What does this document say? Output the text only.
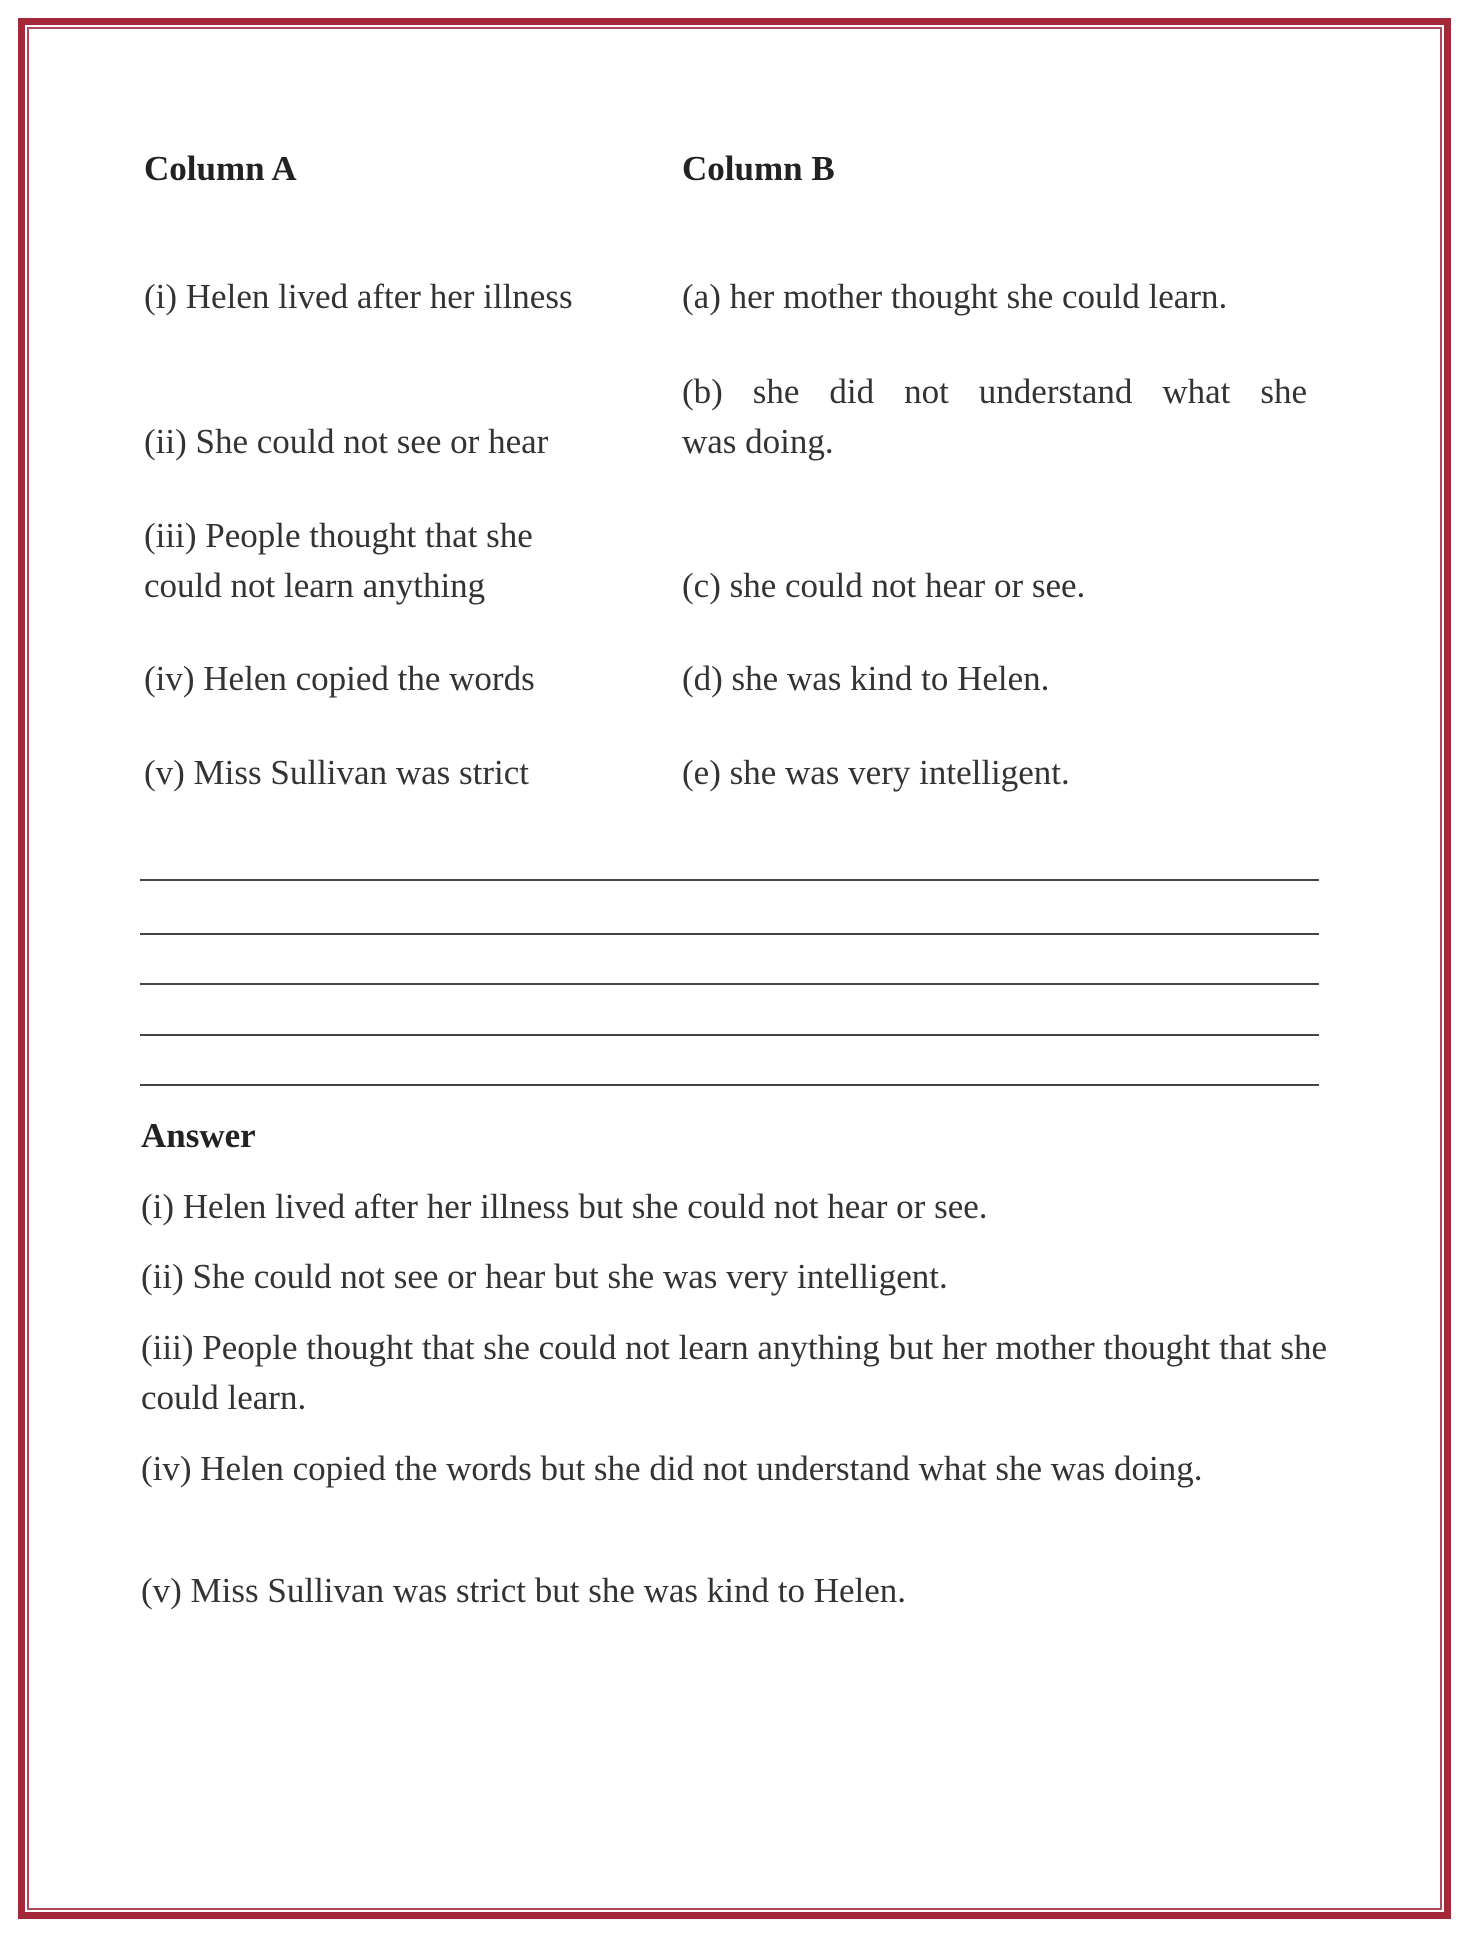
Column A	Column B
(i) Helen lived after her illness
(ii) She could not see or hear
(iii) People thought that she
could not learn anything
(iv) Helen copied the words
(v) Miss Sullivan was strict
(a) her mother thought she could learn.
(b) she did not understand what she
was doing.
(c) she could not hear or see.
(d) she was kind to Helen.
(e) she was very intelligent.
Answer
(i) Helen lived after her illness but she could not hear or see.
(ii) She could not see or hear but she was very intelligent.
(iii) People thought that she could not learn anything but her mother thought that she could learn.
(iv) Helen copied the words but she did not understand what she was doing.
(v) Miss Sullivan was strict but she was kind to Helen.
